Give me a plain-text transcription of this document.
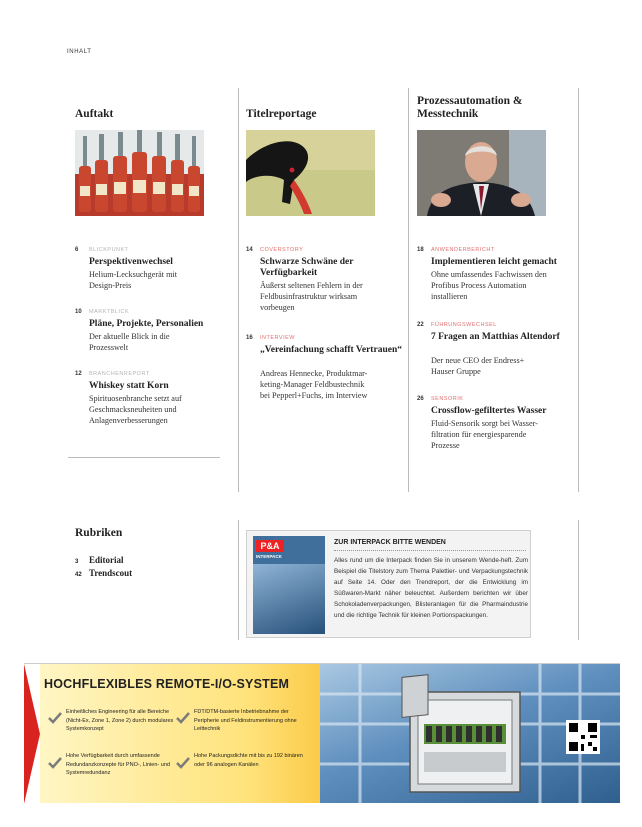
INHALT
Auftakt
6 BLICKPUNKT
Perspektivenwechsel
Helium-Lecksuchgerät mit
Design-Preis
10 MARKTBLICK
Pläne, Projekte, Personalien
Der aktuelle Blick in die
Prozesswelt
12 BRANCHENREPORT
Whiskey statt Korn
Spirituosenbranche setzt auf
Geschmacksneuheiten und
Anlagenverbesserungen
Titelreportage
14 COVERSTORY
Schwarze Schwäne der Verfügbarkeit
Äußerst seltenen Fehlern in der
Feldbusinfrastruktur wirksam
vorbeugen
16 INTERVIEW
„Vereinfachung schafft Vertrauen“
Andreas Hennecke, Produktmar-
keting-Manager Feldbustechnik
bei Pepperl+Fuchs, im Interview
Prozessautomation & Messtechnik
18 ANWENDERBERICHT
Implementieren leicht gemacht
Ohne umfassendes Fachwissen den
Profibus Process Automation
installieren
22 FÜHRUNGSWECHSEL
7 Fragen an Matthias Altendorf
Der neue CEO der Endress+
Hauser Gruppe
26 SENSORIK
Crossflow-gefiltertes Wasser
Fluid-Sensorik sorgt bei Wasser-
filtration für energiesparende
Prozesse
Rubriken
3 Editorial
42 Trendscout
P&A
INTERPACK
ZUR INTERPACK BITTE WENDEN
Alles rund um die Interpack finden Sie in unserem Wende-heft. Zum Beispiel die Titelstory zum Thema Palettier- und Verpackungstechnik auf Seite 14. Oder den Trendreport, der die Entwicklung im Süßwaren-Markt näher beleuchtet. Außerdem berichten wir über Schokoladenverpackungen, Blisteranlagen für die Pharmaindustrie und die richtige Technik für kleinen Portionspackungen.
HOCHFLEXIBLES REMOTE-I/O-SYSTEM
Einheitliches Engineering für alle Bereiche (Nicht-Ex, Zone 1, Zone 2) durch modulares Systemkonzept
FDT/DTM-basierte Inbetriebnahme der Peripherie und Feldinstrumentierung ohne Leittechnik
Hohe Verfügbarkeit durch umfassende Redundanzkonzepte für PNO-, Linien- und Systemredundanz
Hohe Packungsdichte mit bis zu 192 binären oder 96 analogen Kanälen
